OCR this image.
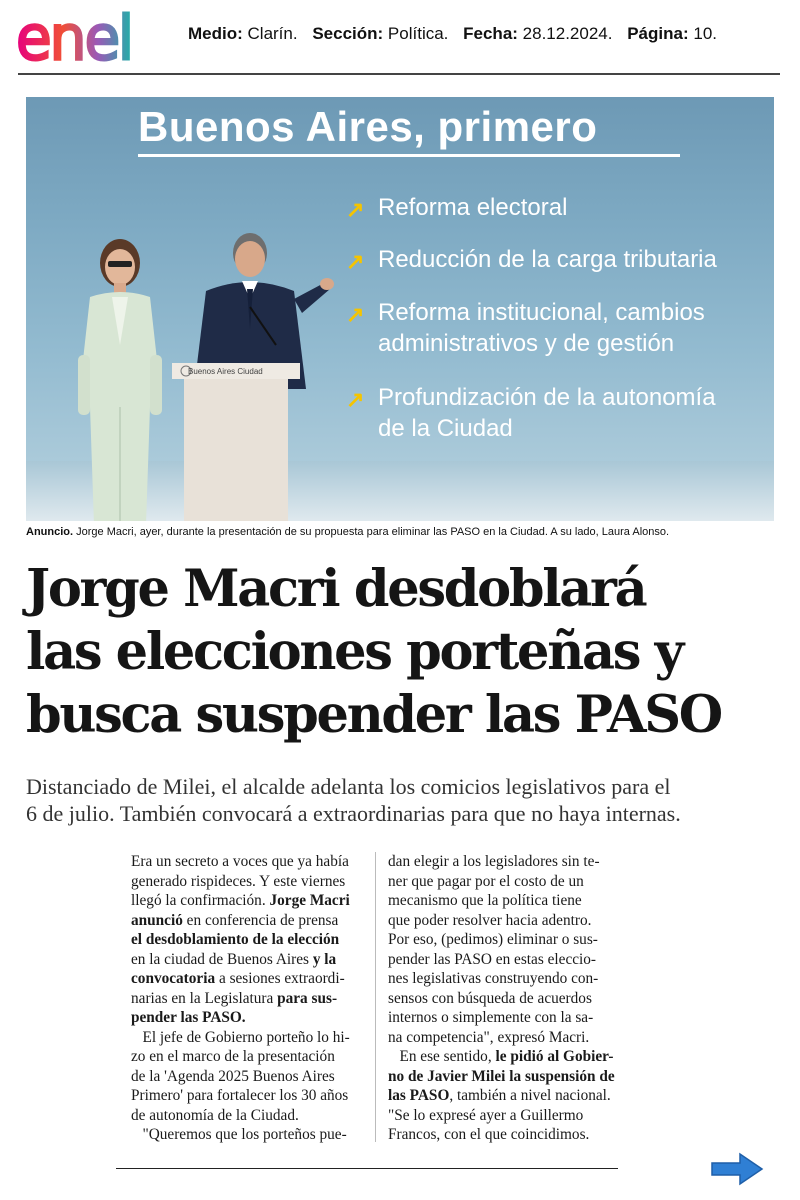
enel	Medio: Clarín. Sección: Política. Fecha: 28.12.2024. Página: 10.
Buenos Aires, primero
↗ Reforma electoral
↗ Reducción de la carga tributaria
↗ Reforma institucional, cambios
administrativos y de gestión
↗ Profundización de la autonomía
de la Ciudad
Buenos Aires Ciudad
Anuncio. Jorge Macri, ayer, durante la presentación de su propuesta para eliminar las PASO en la Ciudad. A su lado, Laura Alonso.
Jorge Macri desdoblará
las elecciones porteñas y
busca suspender las PASO
Distanciado de Milei, el alcalde adelanta los comicios legislativos para el
6 de julio. También convocará a extraordinarias para que no haya internas.
Era un secreto a voces que ya había
generado rispideces. Y este viernes
llegó la confirmación. Jorge Macri
anunció en conferencia de prensa
el desdoblamiento de la elección
en la ciudad de Buenos Aires y la
convocatoria a sesiones extraordi-
narias en la Legislatura para sus-
pender las PASO.
El jefe de Gobierno porteño lo hi-
zo en el marco de la presentación
de la 'Agenda 2025 Buenos Aires
Primero' para fortalecer los 30 años
de autonomía de la Ciudad.
"Queremos que los porteños pue-
dan elegir a los legisladores sin te-
ner que pagar por el costo de un
mecanismo que la política tiene
que poder resolver hacia adentro.
Por eso, (pedimos) eliminar o sus-
pender las PASO en estas eleccio-
nes legislativas construyendo con-
sensos con búsqueda de acuerdos
internos o simplemente con la sa-
na competencia", expresó Macri.
En ese sentido, le pidió al Gobier-
no de Javier Milei la suspensión de
las PASO, también a nivel nacional.
"Se lo expresé ayer a Guillermo
Francos, con el que coincidimos.
